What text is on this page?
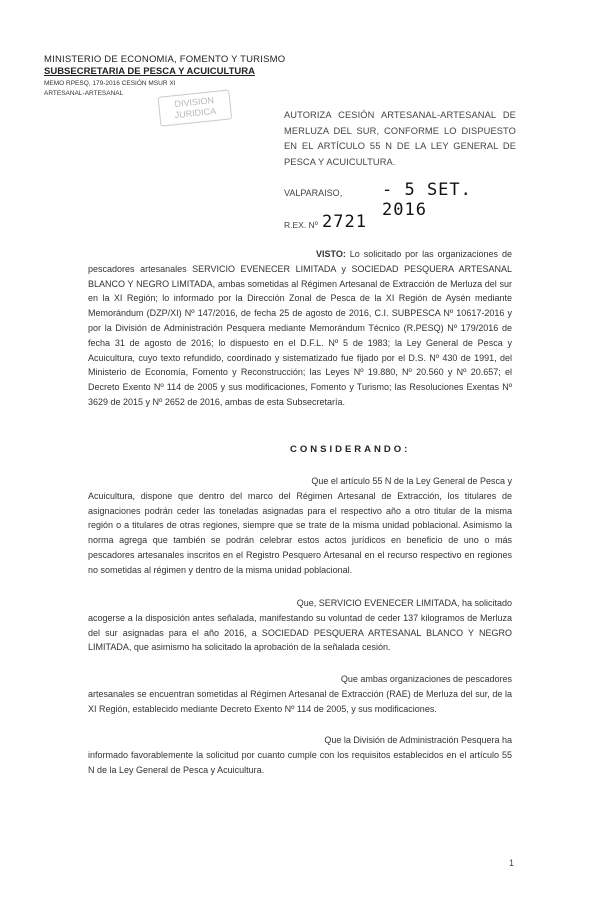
MINISTERIO DE ECONOMIA, FOMENTO Y TURISMO
SUBSECRETARIA DE PESCA Y ACUICULTURA
MEMO RPESQ, 179-2016 CESIÓN MSUR XI
ARTESANAL-ARTESANAL
DIVISION
JURIDICA	AUTORIZA CESIÓN ARTESANAL-ARTESANAL DE MERLUZA DEL SUR, CONFORME LO DISPUESTO EN EL ARTÍCULO 55 N DE LA LEY GENERAL DE PESCA Y ACUICULTURA.
VALPARAISO, - 5 SET. 2016
R.EX. Nº 2721
VISTO: Lo solicitado por las organizaciones de pescadores artesanales SERVICIO EVENECER LIMITADA y SOCIEDAD PESQUERA ARTESANAL BLANCO Y NEGRO LIMITADA, ambas sometidas al Régimen Artesanal de Extracción de Merluza del sur en la XI Región; lo informado por la Dirección Zonal de Pesca de la XI Región de Aysén mediante Memorándum (DZP/XI) Nº 147/2016, de fecha 25 de agosto de 2016, C.I. SUBPESCA Nº 10617-2016 y por la División de Administración Pesquera mediante Memorándum Técnico (R.PESQ) Nº 179/2016 de fecha 31 de agosto de 2016; lo dispuesto en el D.F.L. Nº 5 de 1983; la Ley General de Pesca y Acuicultura, cuyo texto refundido, coordinado y sistematizado fue fijado por el D.S. Nº 430 de 1991, del Ministerio de Economía, Fomento y Reconstrucción; las Leyes Nº 19.880, Nº 20.560 y Nº 20.657; el Decreto Exento Nº 114 de 2005 y sus modificaciones, Fomento y Turismo; las Resoluciones Exentas Nº 3629 de 2015 y Nº 2652 de 2016, ambas de esta Subsecretaría.
CONSIDERANDO:
Que el artículo 55 N de la Ley General de Pesca y
Acuicultura, dispone que dentro del marco del Régimen Artesanal de Extracción, los titulares de asignaciones podrán ceder las toneladas asignadas para el respectivo año a otro titular de la misma región o a titulares de otras regiones, siempre que se trate de la misma unidad poblacional. Asimismo la norma agrega que también se podrán celebrar estos actos jurídicos en beneficio de uno o más pescadores artesanales inscritos en el Registro Pesquero Artesanal en el recurso respectivo en regiones no sometidas al régimen y dentro de la misma unidad poblacional.
Que, SERVICIO EVENECER LIMITADA, ha solicitado
acogerse a la disposición antes señalada, manifestando su voluntad de ceder 137 kilogramos de Merluza del sur asignadas para el año 2016, a SOCIEDAD PESQUERA ARTESANAL BLANCO Y NEGRO LIMITADA, que asimismo ha solicitado la aprobación de la señalada cesión.
Que ambas organizaciones de pescadores
artesanales se encuentran sometidas al Régimen Artesanal de Extracción (RAE) de Merluza del sur, de la XI Región, establecido mediante Decreto Exento Nº 114 de 2005, y sus modificaciones.
Que la División de Administración Pesquera ha
informado favorablemente la solicitud por cuanto cumple con los requisitos establecidos en el artículo 55 N de la Ley General de Pesca y Acuicultura.
1
